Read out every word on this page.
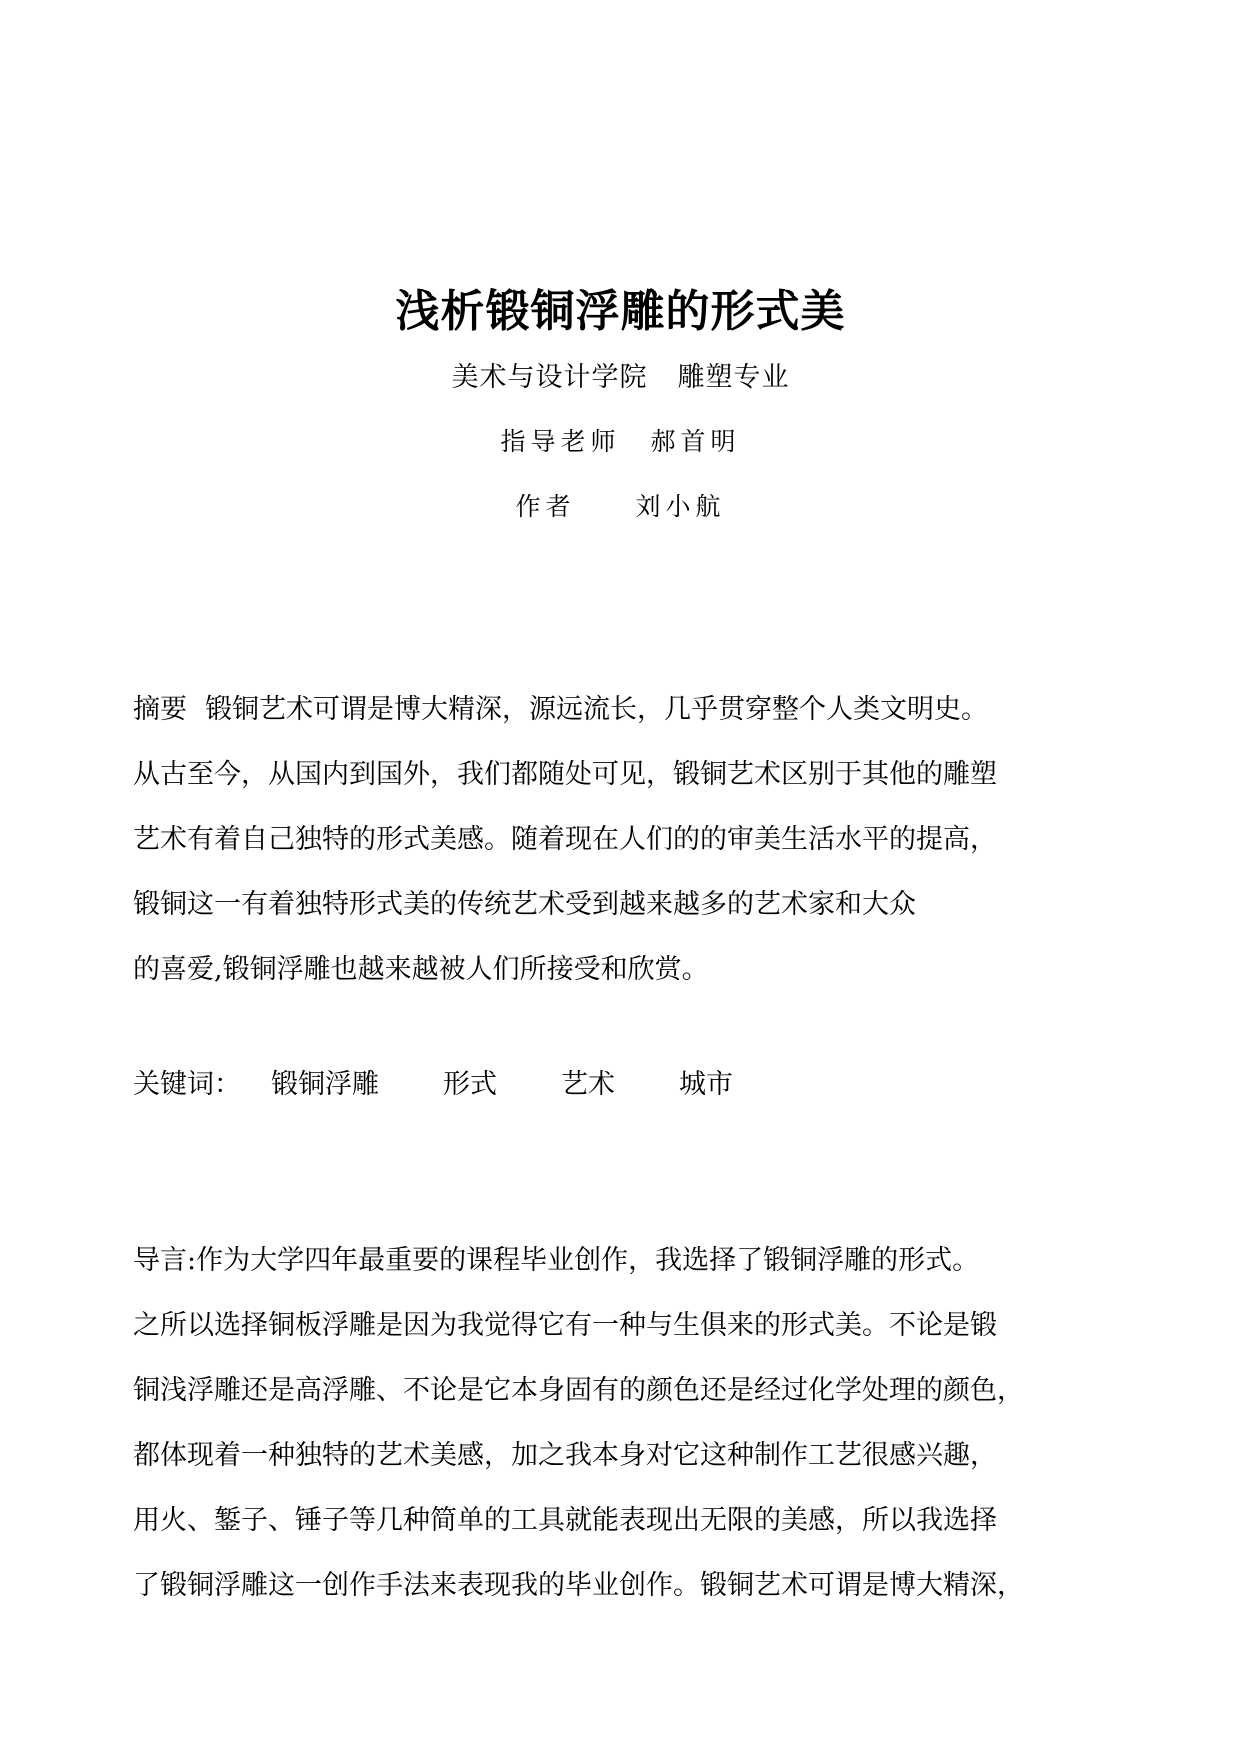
浅析锻铜浮雕的形式美
美术与设计学院 雕塑专业
指导老师 郝首明
作者 刘小航
摘要 锻铜艺术可谓是博大精深，源远流长，几乎贯穿整个人类文明史。
从古至今，从国内到国外，我们都随处可见，锻铜艺术区别于其他的雕塑
艺术有着自己独特的形式美感。随着现在人们的的审美生活水平的提高，
锻铜这一有着独特形式美的传统艺术受到越来越多的艺术家和大众
的喜爱,锻铜浮雕也越来越被人们所接受和欣赏。
关键词： 锻铜浮雕 形式 艺术 城市
导言:作为大学四年最重要的课程毕业创作，我选择了锻铜浮雕的形式。
之所以选择铜板浮雕是因为我觉得它有一种与生俱来的形式美。不论是锻
铜浅浮雕还是高浮雕、不论是它本身固有的颜色还是经过化学处理的颜色，
都体现着一种独特的艺术美感，加之我本身对它这种制作工艺很感兴趣，
用火、錾子、锤子等几种简单的工具就能表现出无限的美感，所以我选择
了锻铜浮雕这一创作手法来表现我的毕业创作。锻铜艺术可谓是博大精深，
